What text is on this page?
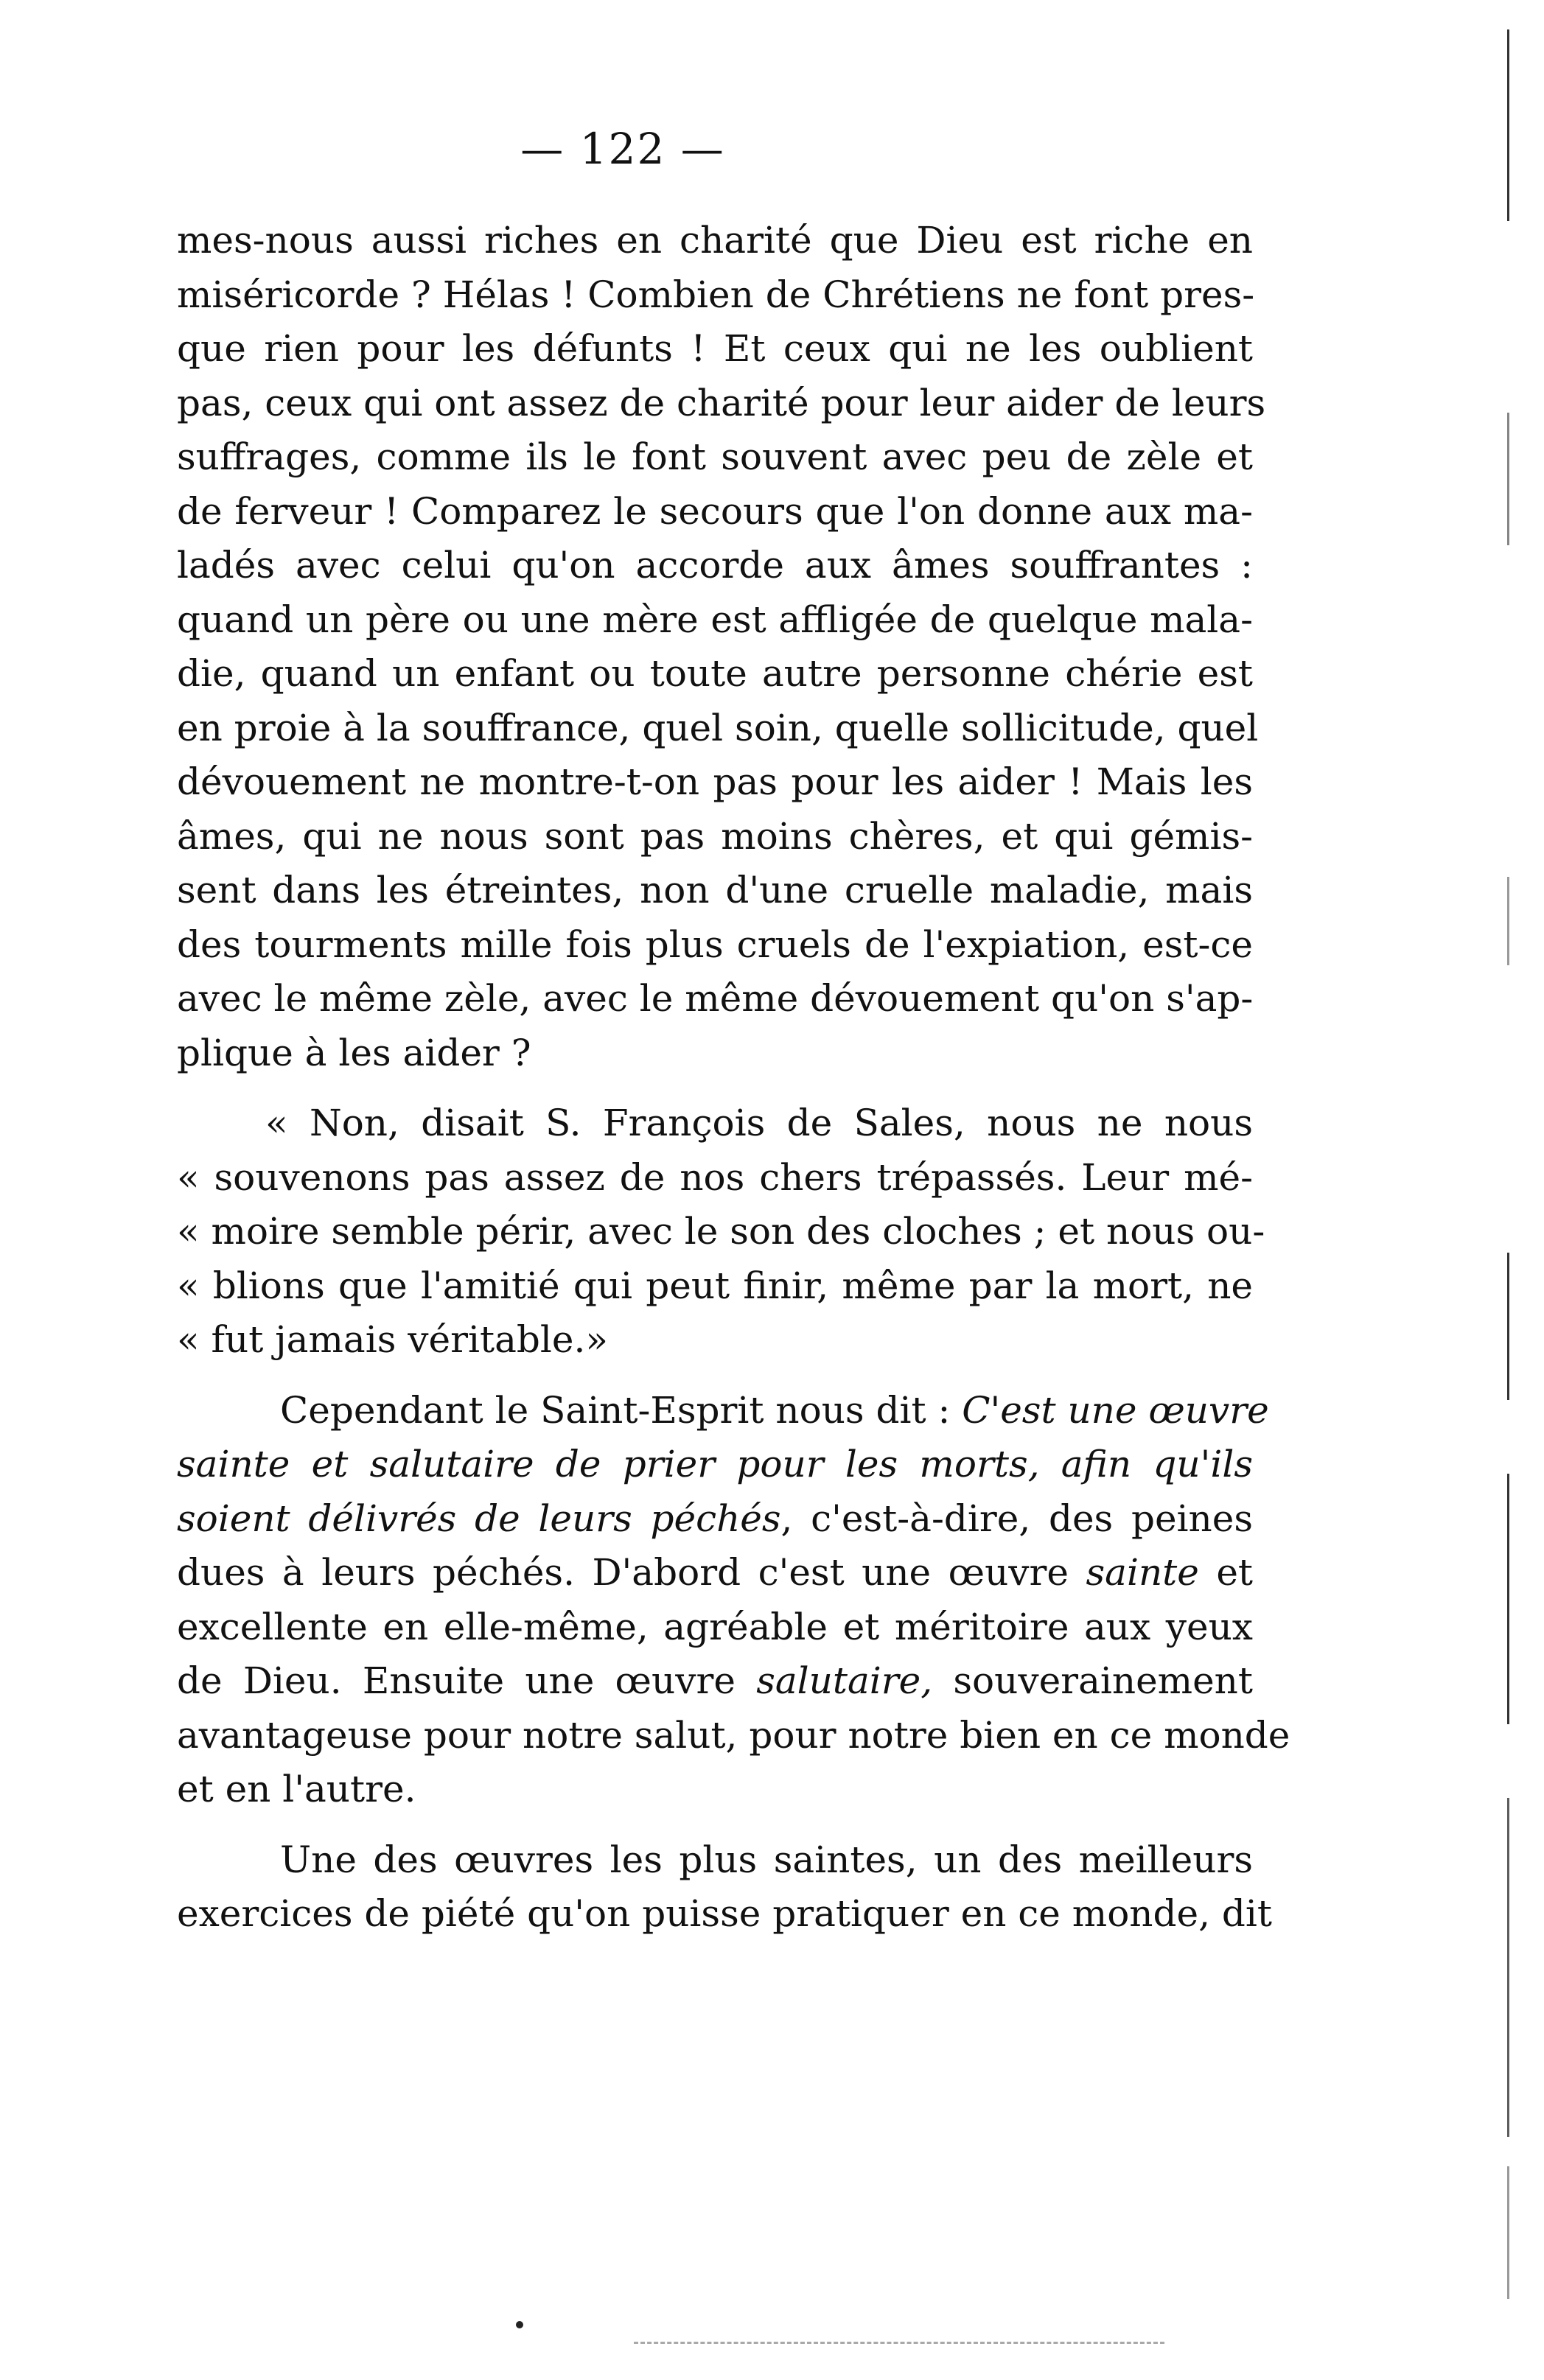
— 122 —
mes-nous aussi riches en charité que Dieu est riche en
miséricorde ? Hélas ! Combien de Chrétiens ne font pres-
que rien pour les défunts ! Et ceux qui ne les oublient
pas, ceux qui ont assez de charité pour leur aider de leurs
suffrages, comme ils le font souvent avec peu de zèle et
de ferveur ! Comparez le secours que l'on donne aux ma-
ladés avec celui qu'on accorde aux âmes souffrantes :
quand un père ou une mère est affligée de quelque mala-
die, quand un enfant ou toute autre personne chérie est
en proie à la souffrance, quel soin, quelle sollicitude, quel
dévouement ne montre-t-on pas pour les aider ! Mais les
âmes, qui ne nous sont pas moins chères, et qui gémis-
sent dans les étreintes, non d'une cruelle maladie, mais
des tourments mille fois plus cruels de l'expiation, est-ce
avec le même zèle, avec le même dévouement qu'on s'ap-
plique à les aider ?
« Non, disait S. François de Sales, nous ne nous
« souvenons pas assez de nos chers trépassés. Leur mé-
« moire semble périr, avec le son des cloches ; et nous ou-
« blions que l'amitié qui peut finir, même par la mort, ne
« fut jamais véritable.»
Cependant le Saint-Esprit nous dit : C'est une œuvre
sainte et salutaire de prier pour les morts, afin qu'ils
soient délivrés de leurs péchés, c'est-à-dire, des peines
dues à leurs péchés. D'abord c'est une œuvre sainte et
excellente en elle-même, agréable et méritoire aux yeux
de Dieu. Ensuite une œuvre salutaire, souverainement
avantageuse pour notre salut, pour notre bien en ce monde
et en l'autre.
Une des œuvres les plus saintes, un des meilleurs
exercices de piété qu'on puisse pratiquer en ce monde, dit
